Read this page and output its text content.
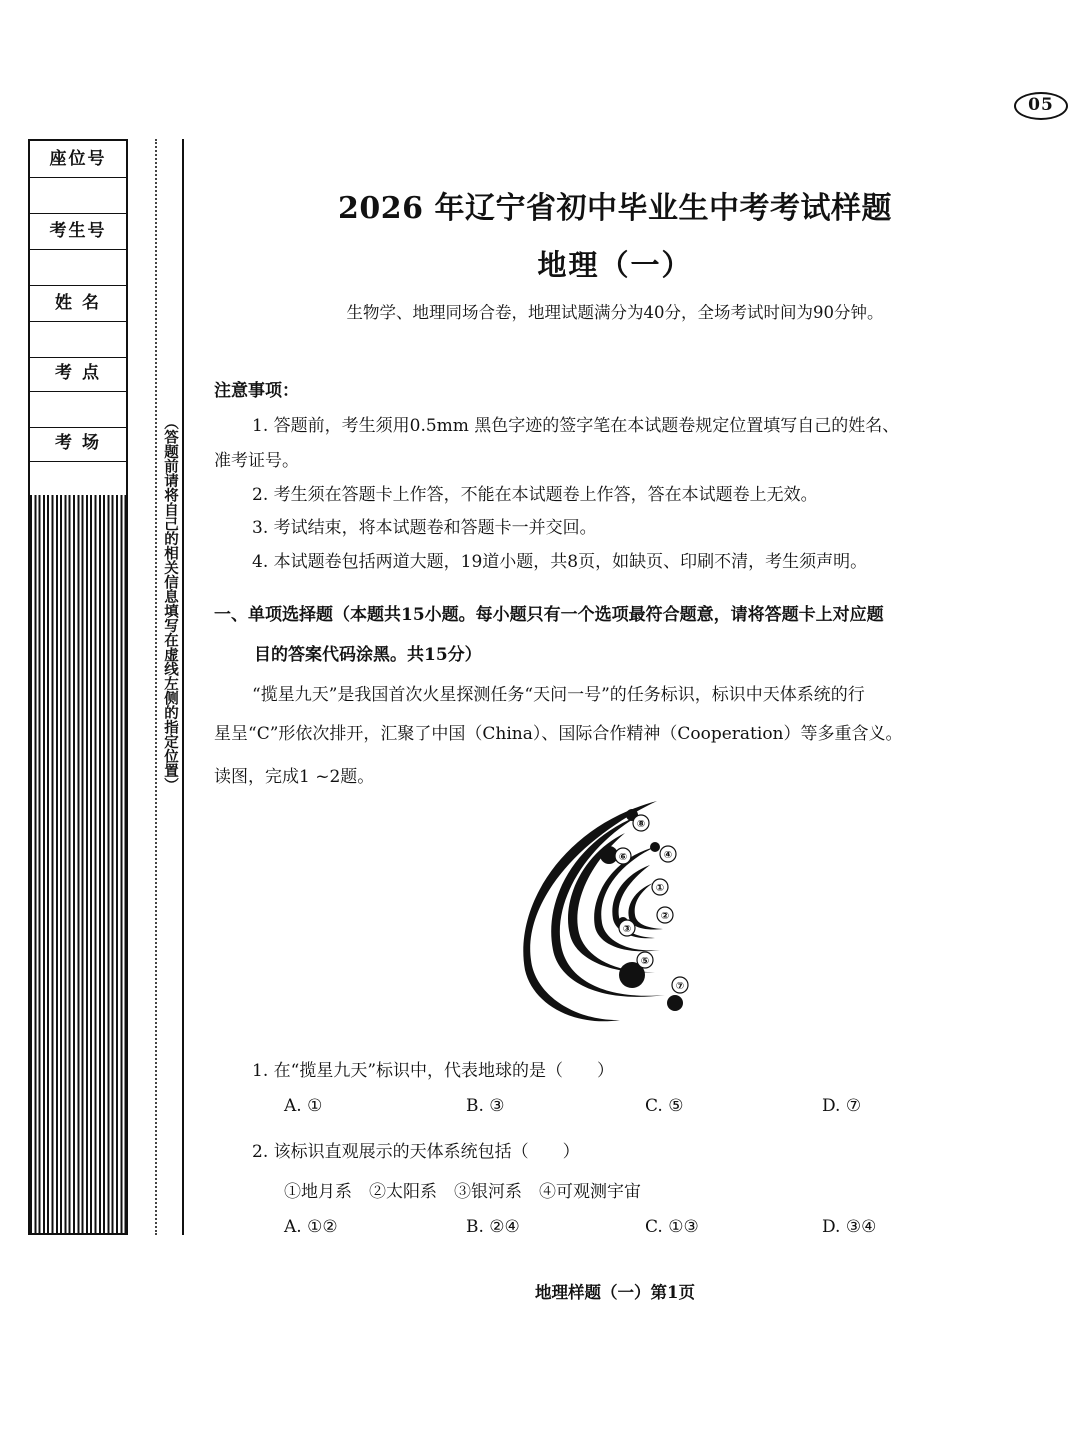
05
座位号
考生号
姓 名
考 点
考 场	（答题前请将自己的相关信息填写在虚线左侧的指定位置）
2026 年辽宁省初中毕业生中考考试样题
地理（一）
生物学、地理同场合卷，地理试题满分为40分，全场考试时间为90分钟。
注意事项：
1. 答题前，考生须用0.5mm 黑色字迹的签字笔在本试题卷规定位置填写自己的姓名、
准考证号。
2. 考生须在答题卡上作答，不能在本试题卷上作答，答在本试题卷上无效。
3. 考试结束，将本试题卷和答题卡一并交回。
4. 本试题卷包括两道大题，19道小题，共8页，如缺页、印刷不清，考生须声明。
一、单项选择题（本题共15小题。每小题只有一个选项最符合题意，请将答题卡上对应题
目的答案代码涂黑。共15分）
“揽星九天”是我国首次火星探测任务“天问一号”的任务标识，标识中天体系统的行
星呈“C”形依次排开，汇聚了中国（China）、国际合作精神（Cooperation）等多重含义。
读图，完成1 ~2题。
⑧
⑥	④
①
②
③
⑤
⑦
1. 在“揽星九天”标识中，代表地球的是（　　）
A. ①	B. ③	C. ⑤	D. ⑦
2. 该标识直观展示的天体系统包括（　　）
①地月系　②太阳系　③银河系　④可观测宇宙
A. ①②	B. ②④	C. ①③	D. ③④
地理样题（一）第1页
